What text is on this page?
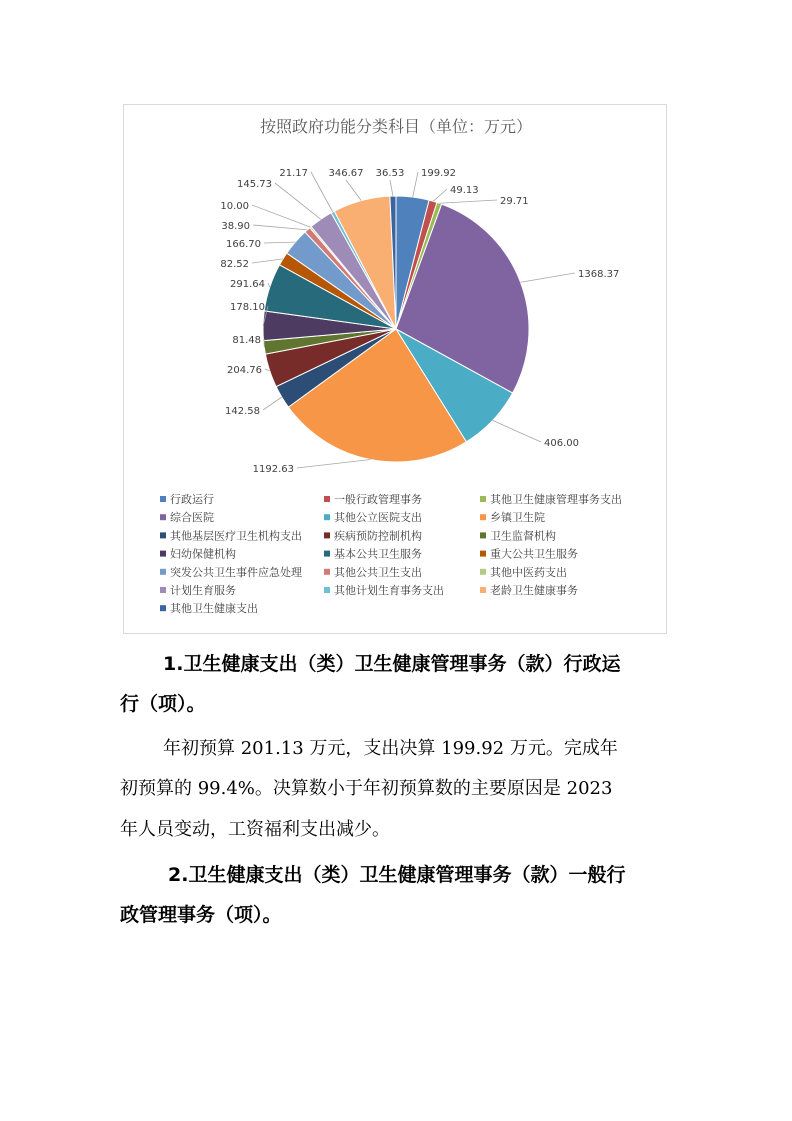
按照政府功能分类科目（单位：万元）
199.92
49.13
29.71
1368.37
406.00
1192.63
142.58
204.76
81.48
178.10
291.64
82.52
166.70
38.90
10.00
145.73
21.17 346.67 36.53
行政运行	一般行政管理事务	其他卫生健康管理事务支出
综合医院	其他公立医院支出	乡镇卫生院
其他基层医疗卫生机构支出	疾病预防控制机构	卫生监督机构
妇幼保健机构	基本公共卫生服务	重大公共卫生服务
突发公共卫生事件应急处理	其他公共卫生支出	其他中医药支出
计划生育服务	其他计划生育事务支出	老龄卫生健康事务
其他卫生健康支出
1.卫生健康支出（类）卫生健康管理事务（款）行政运
行（项）。
年初预算 201.13 万元，支出决算 199.92 万元。完成年
初预算的 99.4%。决算数小于年初预算数的主要原因是 2023
年人员变动，工资福利支出减少。
2.卫生健康支出（类）卫生健康管理事务（款）一般行
政管理事务（项）。
